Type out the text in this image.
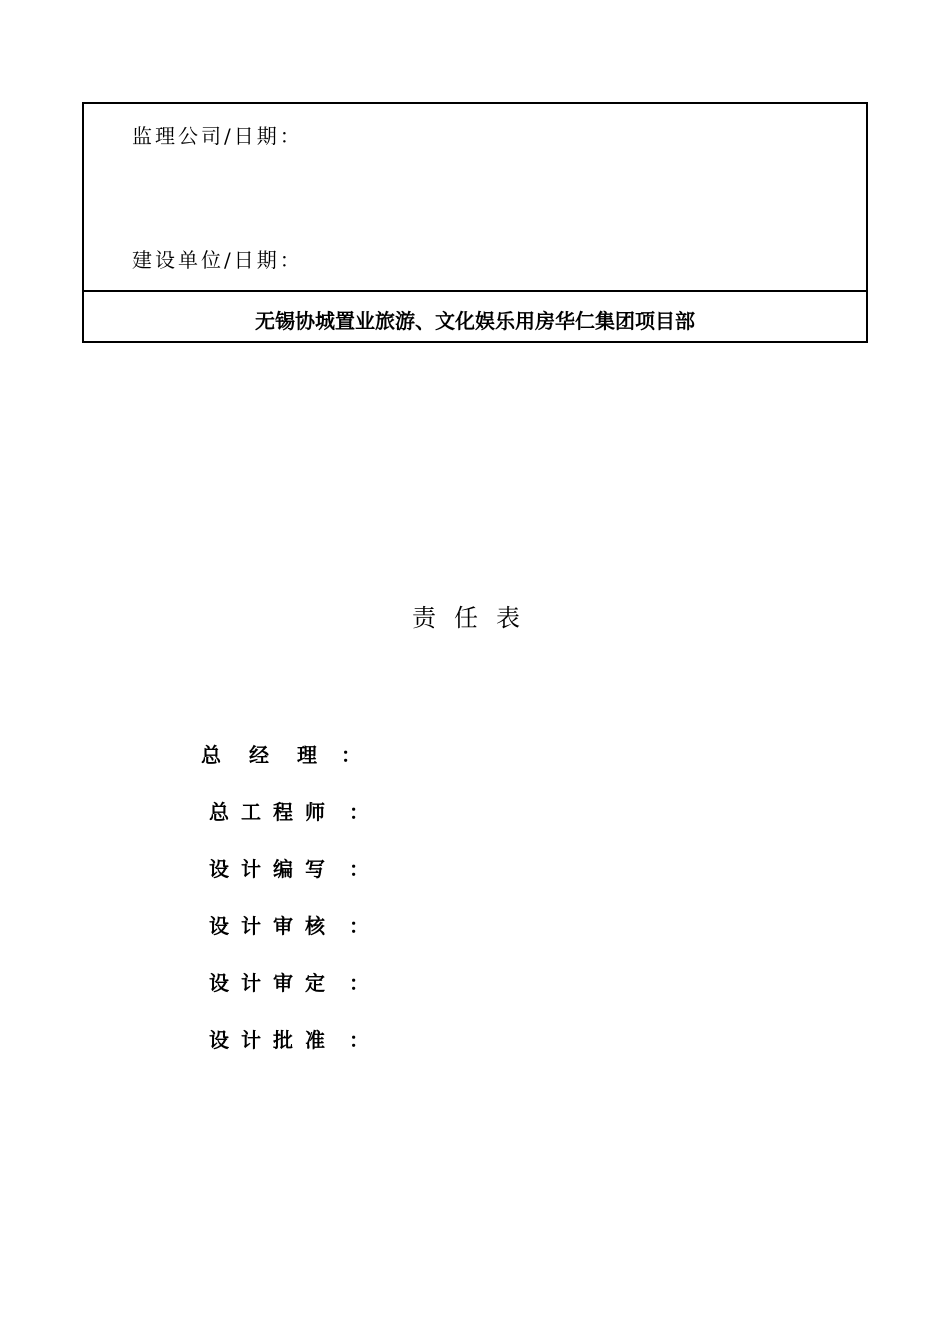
监理公司/日期：
建设单位/日期：
无锡协城置业旅游、文化娱乐用房华仁集团项目部
责任表
总经理
：
总工程师 ：
设计编写 ：
设计审核 ：
设计审定 ：
设计批准 ：
